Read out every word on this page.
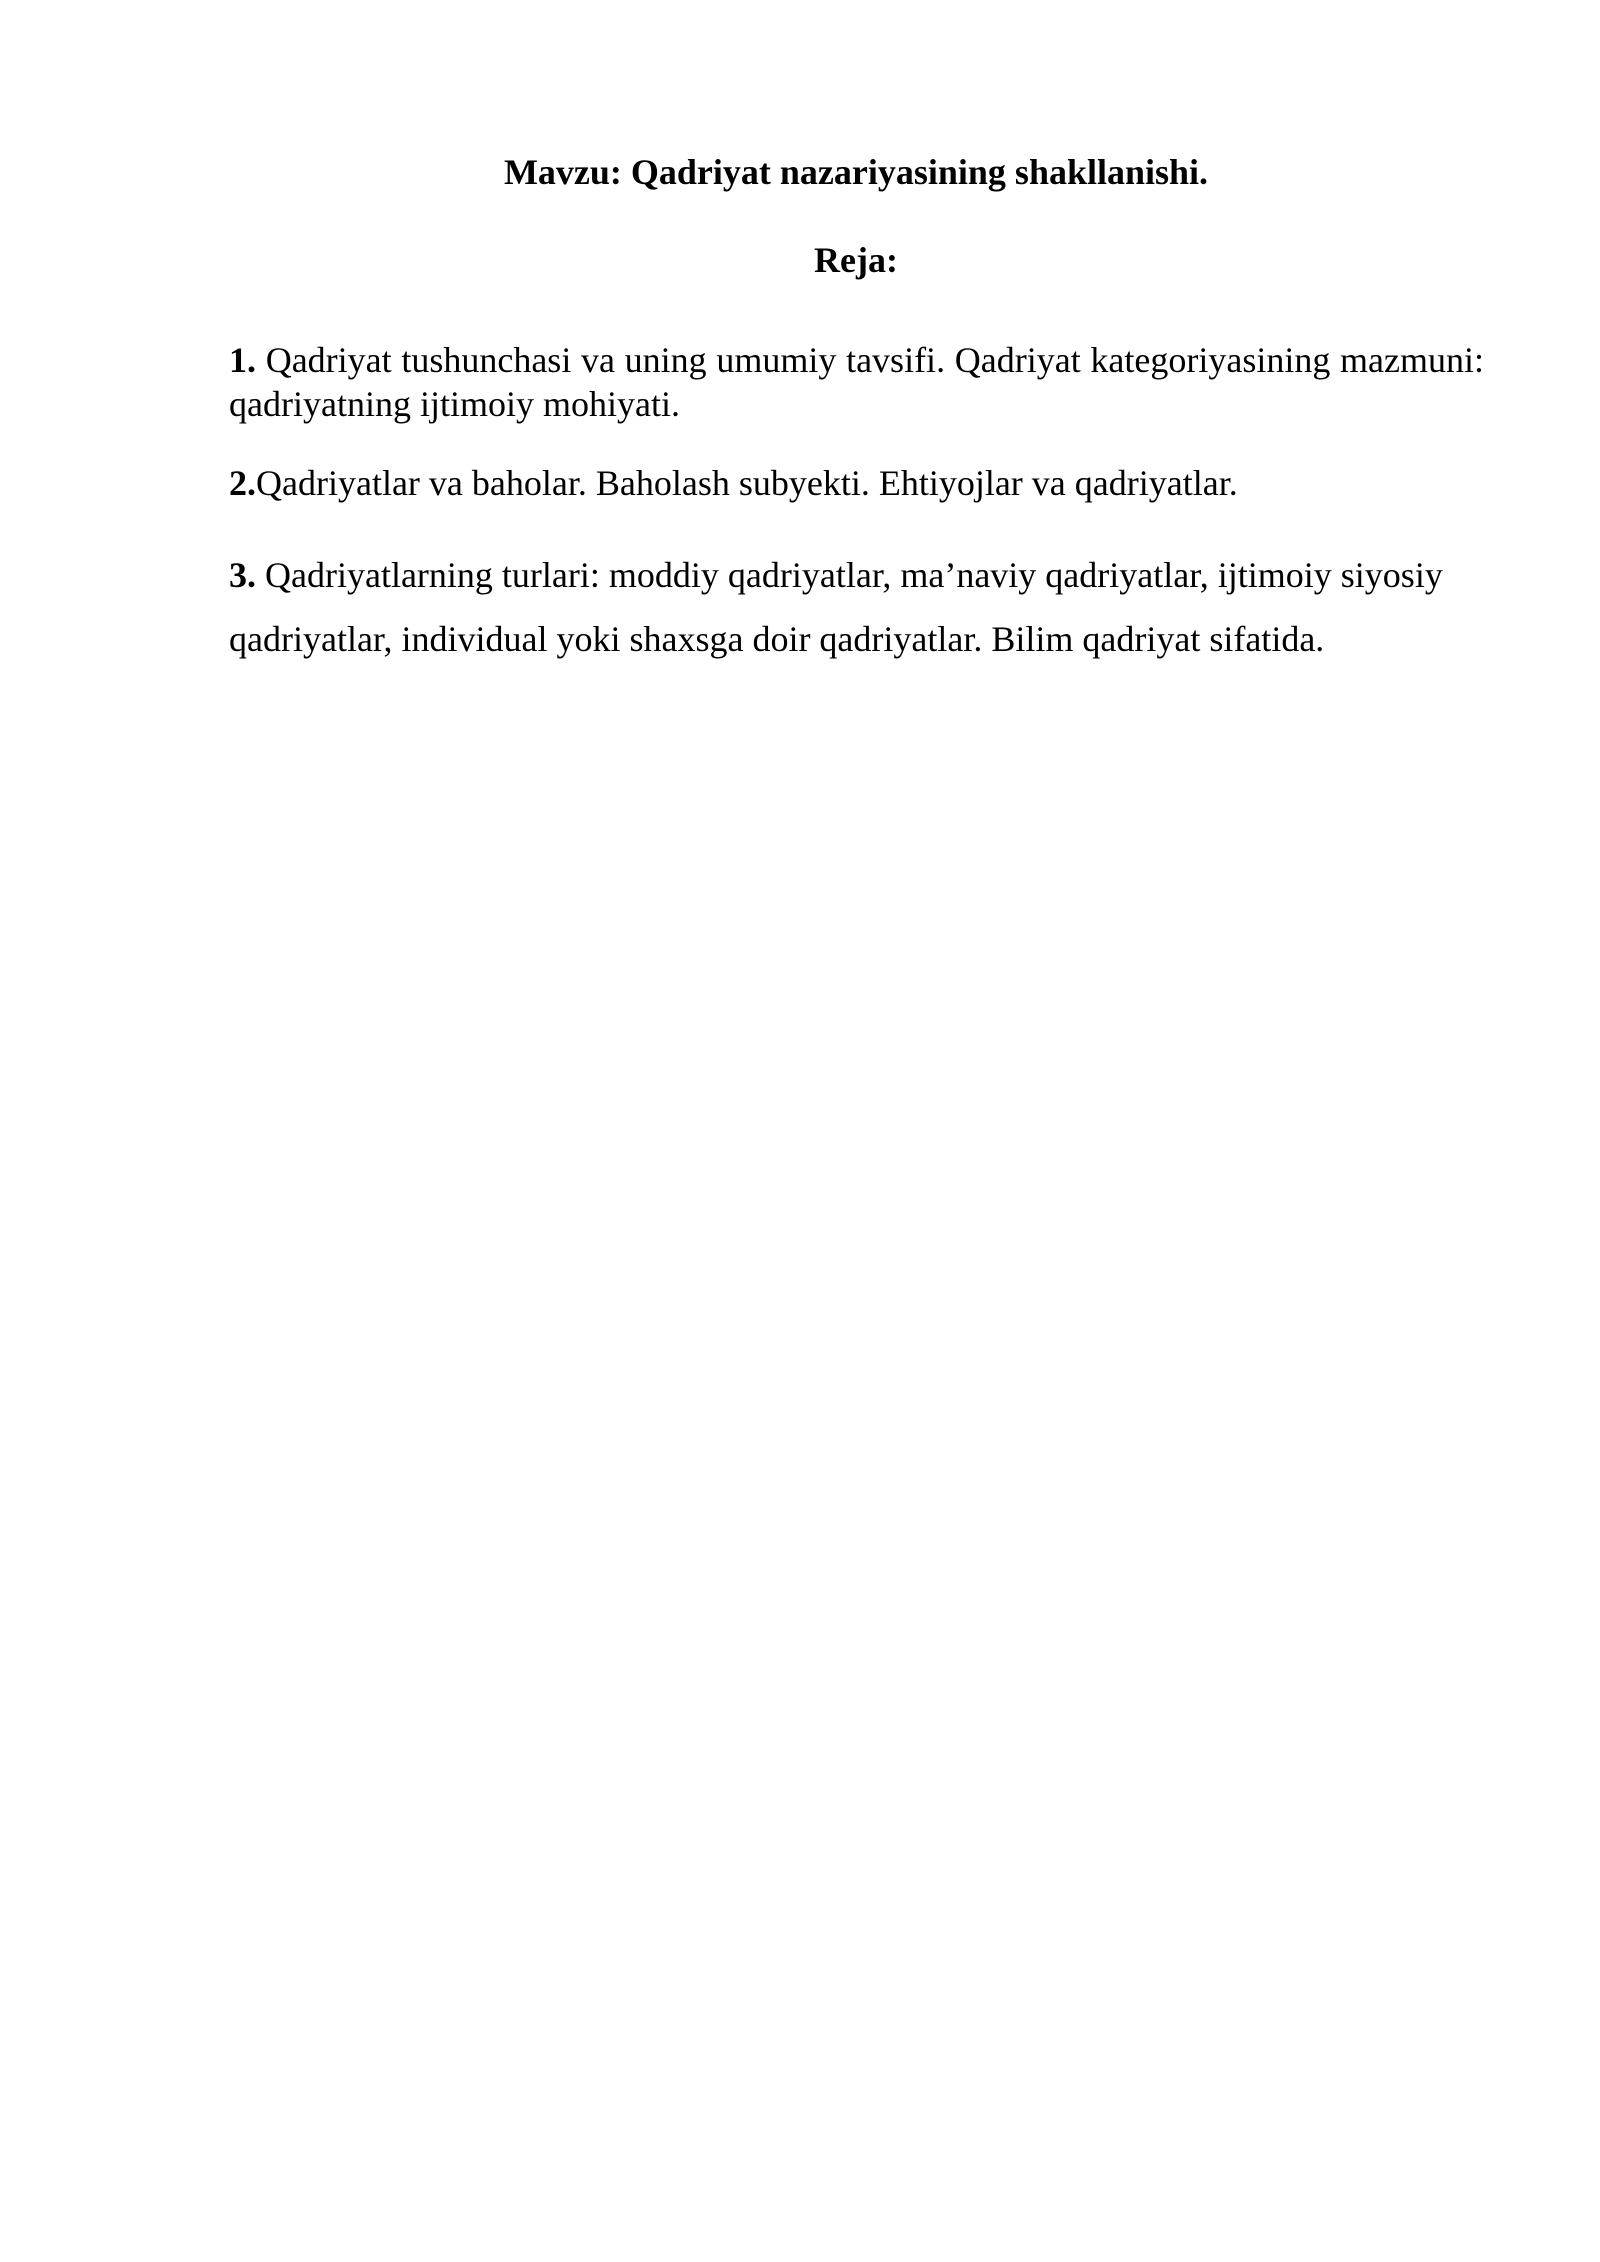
Mavzu: Qadriyat nazariyasining shakllanishi.
Reja:
1. Qadriyat tushunchasi va uning umumiy tavsifi. Qadriyat kategoriyasining mazmuni: qadriyatning ijtimoiy mohiyati.
2.Qadriyatlar va baholar. Baholash subyekti. Ehtiyojlar va qadriyatlar.
3. Qadriyatlarning turlari: moddiy qadriyatlar, ma’naviy qadriyatlar, ijtimoiy siyosiy qadriyatlar, individual yoki shaxsga doir qadriyatlar. Bilim qadriyat sifatida.
